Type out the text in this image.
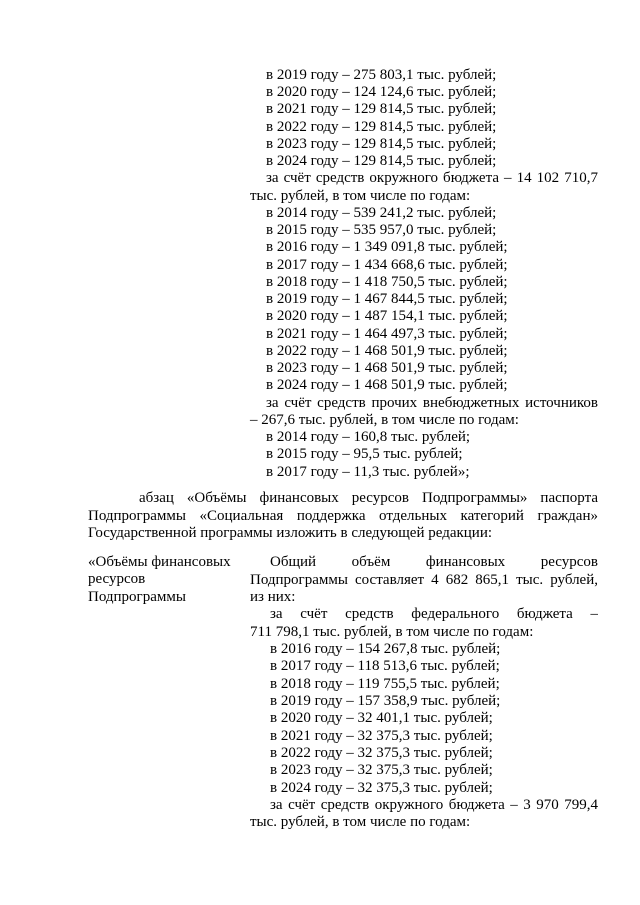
в 2019 году – 275 803,1 тыс. рублей;
в 2020 году – 124 124,6 тыс. рублей;
в 2021 году – 129 814,5 тыс. рублей;
в 2022 году – 129 814,5 тыс. рублей;
в 2023 году – 129 814,5 тыс. рублей;
в 2024 году – 129 814,5 тыс. рублей;
за счёт средств окружного бюджета – 14 102 710,7
тыс. рублей, в том числе по годам:
в 2014 году – 539 241,2 тыс. рублей;
в 2015 году – 535 957,0 тыс. рублей;
в 2016 году – 1 349 091,8 тыс. рублей;
в 2017 году – 1 434 668,6 тыс. рублей;
в 2018 году – 1 418 750,5 тыс. рублей;
в 2019 году – 1 467 844,5 тыс. рублей;
в 2020 году – 1 487 154,1 тыс. рублей;
в 2021 году – 1 464 497,3 тыс. рублей;
в 2022 году – 1 468 501,9 тыс. рублей;
в 2023 году – 1 468 501,9 тыс. рублей;
в 2024 году – 1 468 501,9 тыс. рублей;
за счёт средств прочих внебюджетных источников
– 267,6 тыс. рублей, в том числе по годам:
в 2014 году – 160,8 тыс. рублей;
в 2015 году – 95,5 тыс. рублей;
в 2017 году – 11,3 тыс. рублей»;
абзац «Объёмы финансовых ресурсов Подпрограммы» паспорта
Подпрограммы «Социальная поддержка отдельных категорий граждан»
Государственной программы изложить в следующей редакции:
«Объёмы финансовых
ресурсов
Подпрограммы
Общий объём финансовых ресурсов
Подпрограммы составляет 4 682 865,1 тыс. рублей,
из них:
за счёт средств федерального бюджета –
711 798,1 тыс. рублей, в том числе по годам:
в 2016 году – 154 267,8 тыс. рублей;
в 2017 году – 118 513,6 тыс. рублей;
в 2018 году – 119 755,5 тыс. рублей;
в 2019 году – 157 358,9 тыс. рублей;
в 2020 году – 32 401,1 тыс. рублей;
в 2021 году – 32 375,3 тыс. рублей;
в 2022 году – 32 375,3 тыс. рублей;
в 2023 году – 32 375,3 тыс. рублей;
в 2024 году – 32 375,3 тыс. рублей;
за счёт средств окружного бюджета – 3 970 799,4
тыс. рублей, в том числе по годам:
